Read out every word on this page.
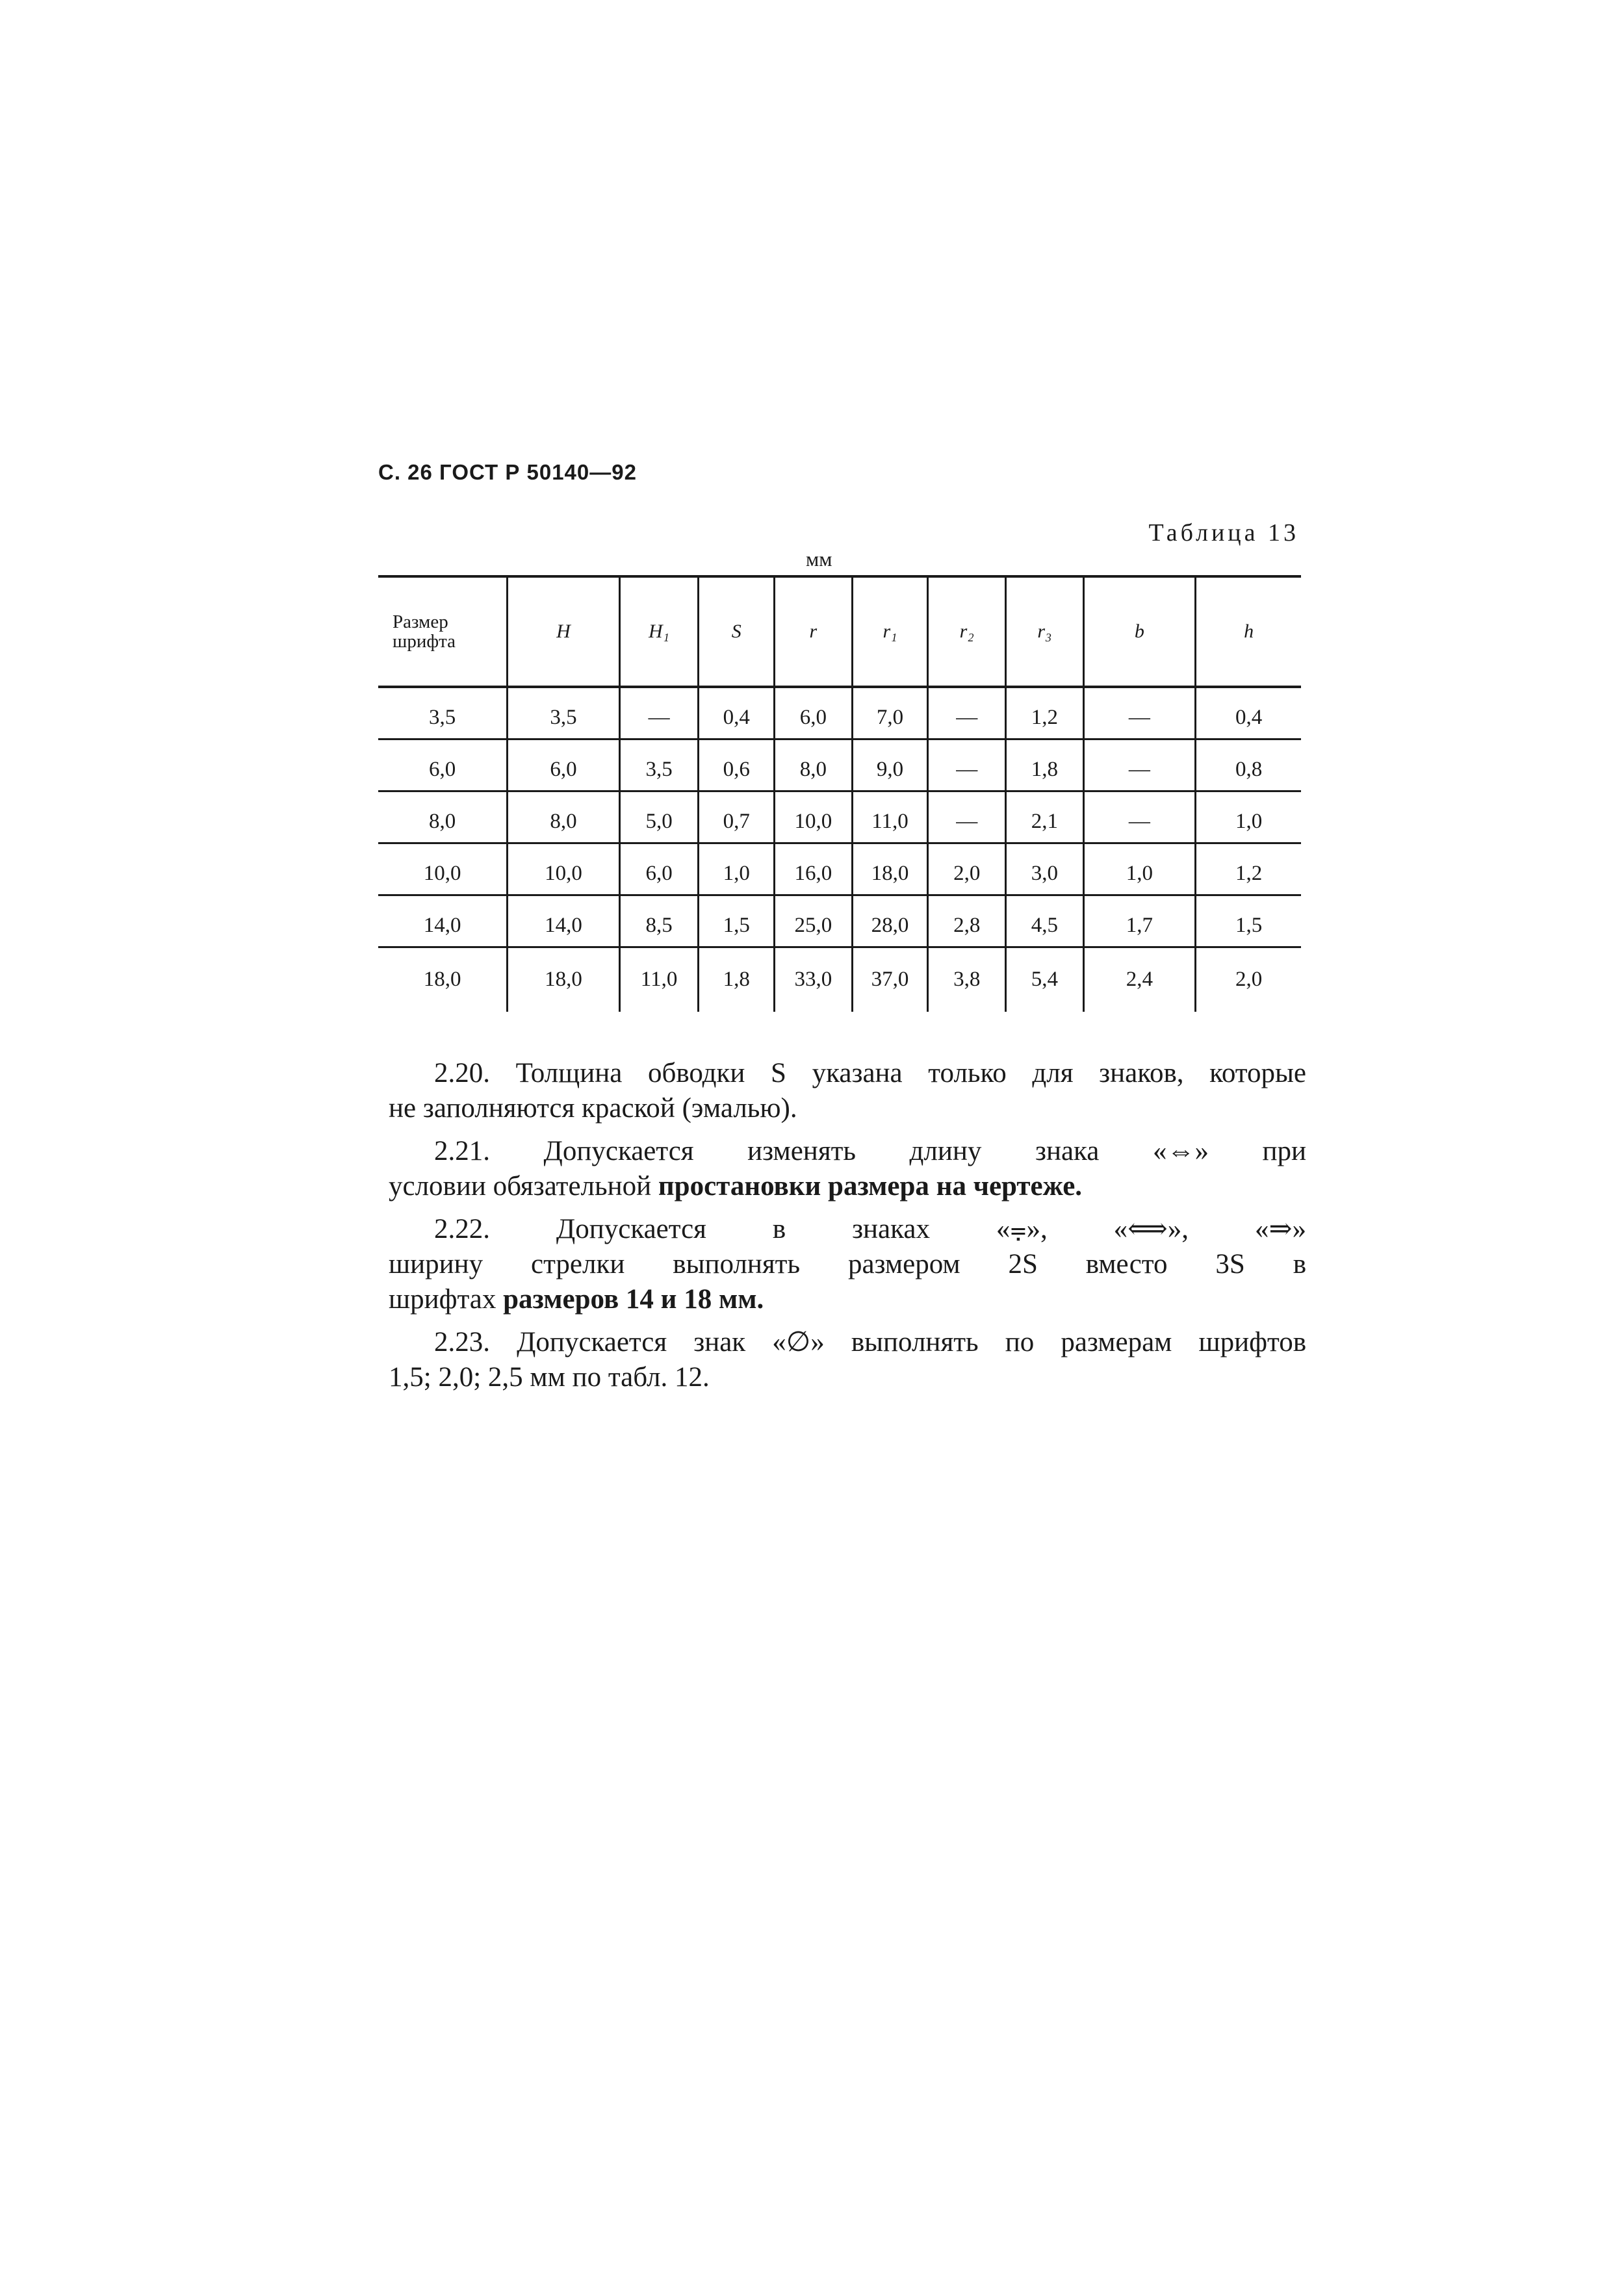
С. 26 ГОСТ Р 50140—92
Таблица 13
мм
Размер шрифта	H	H₁	S	r	r₁	r₂	r₃	b	h
3,5	3,5	—	0,4	6,0	7,0	—	1,2	—	0,4
6,0	6,0	3,5	0,6	8,0	9,0	—	1,8	—	0,8
8,0	8,0	5,0	0,7	10,0	11,0	—	2,1	—	1,0
10,0	10,0	6,0	1,0	16,0	18,0	2,0	3,0	1,0	1,2
14,0	14,0	8,5	1,5	25,0	28,0	2,8	4,5	1,7	1,5
18,0	18,0	11,0	1,8	33,0	37,0	3,8	5,4	2,4	2,0
2.20. Толщина обводки S указана только для знаков, которые
не заполняются краской (эмалью).
2.21. Допускается изменять длину знака «⇔» при
условии обязательной простановки размера на чертеже.
2.22. Допускается в знаках «⩦», «⟺», «⇒»
ширину стрелки выполнять размером 2S вместо 3S в
шрифтах размеров 14 и 18 мм.
2.23. Допускается знак «∅» выполнять по размерам шрифтов
1,5; 2,0; 2,5 мм по табл. 12.
